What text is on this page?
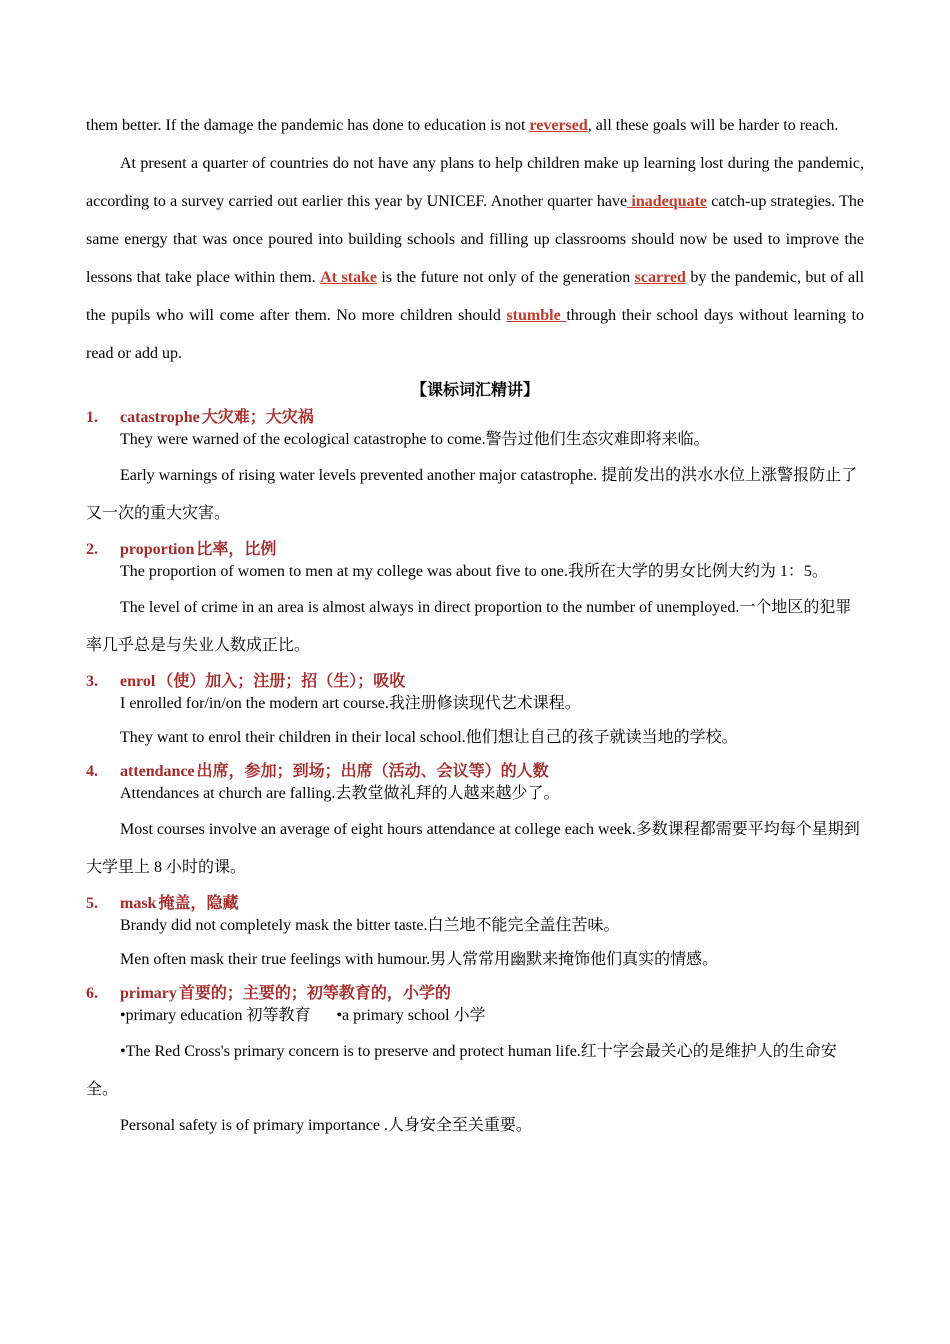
them better. If the damage the pandemic has done to education is not reversed, all these goals will be harder to reach.

At present a quarter of countries do not have any plans to help children make up learning lost during the pandemic, according to a survey carried out earlier this year by UNICEF. Another quarter have inadequate catch-up strategies. The same energy that was once poured into building schools and filling up classrooms should now be used to improve the lessons that take place within them. At stake is the future not only of the generation scarred by the pandemic, but of all the pupils who will come after them. No more children should stumble through their school days without learning to read or add up.

【课标词汇精讲】
1.	catastrophe 大灾难；大灾祸

They were warned of the ecological catastrophe to come.警告过他们生态灾难即将来临。

Early warnings of rising water levels prevented another major catastrophe. 提前发出的洪水水位上涨警报防止了又一次的重大灾害。

2.	proportion 比率，比例

The proportion of women to men at my college was about five to one.我所在大学的男女比例大约为 1：5。

The level of crime in an area is almost always in direct proportion to the number of unemployed.一个地区的犯罪率几乎总是与失业人数成正比。

3.	enrol （使）加入；注册；招（生）；吸收

I enrolled for/in/on the modern art course.我注册修读现代艺术课程。

They want to enrol their children in their local school.他们想让自己的孩子就读当地的学校。

4.	attendance 出席，参加；到场；出席（活动、会议等）的人数

Attendances at church are falling.去教堂做礼拜的人越来越少了。

Most courses involve an average of eight hours attendance at college each week.多数课程都需要平均每个星期到大学里上 8 小时的课。

5.	mask 掩盖，隐藏

Brandy did not completely mask the bitter taste.白兰地不能完全盖住苦味。

Men often mask their true feelings with humour.男人常常用幽默来掩饰他们真实的情感。

6.	primary 首要的；主要的；初等教育的，小学的
•primary education 初等教育 •a primary school 小学

•The Red Cross's primary concern is to preserve and protect human life.红十字会最关心的是维护人的生命安全。

Personal safety is of primary importance .人身安全至关重要。
